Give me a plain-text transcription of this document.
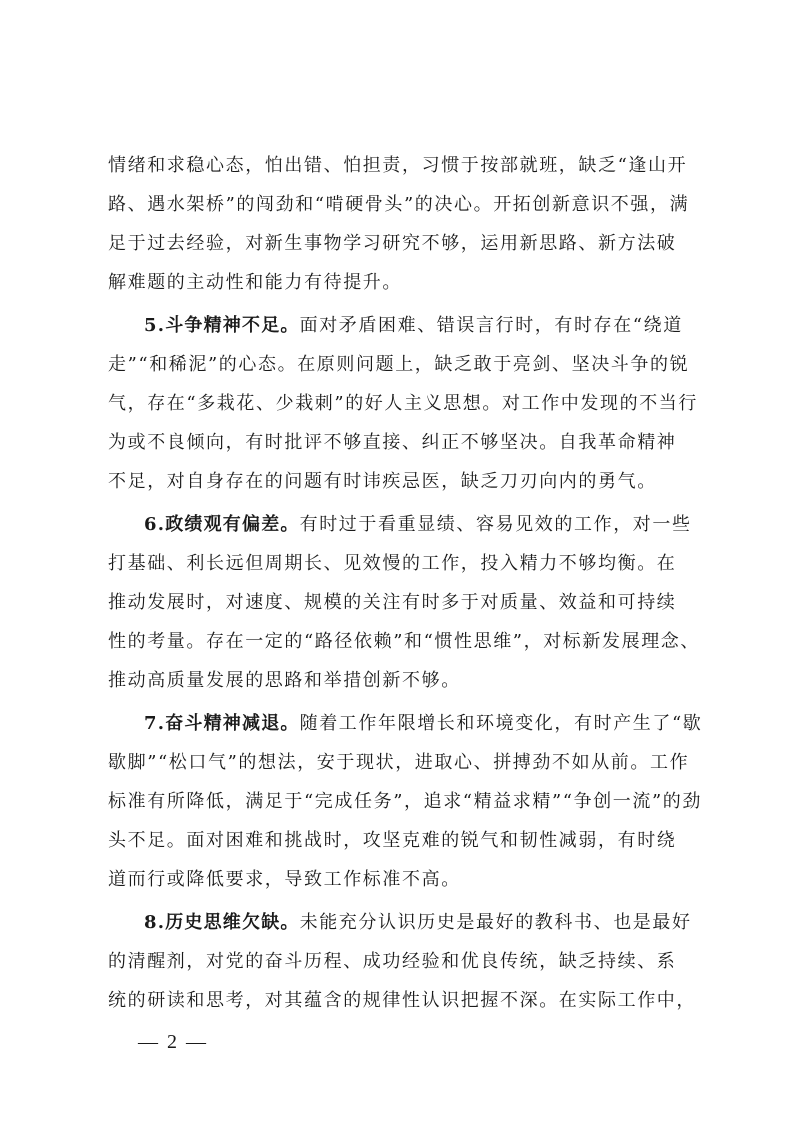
情绪和求稳心态，怕出错、怕担责，习惯于按部就班，缺乏“逢山开
路、遇水架桥”的闯劲和“啃硬骨头”的决心。开拓创新意识不强，满
足于过去经验，对新生事物学习研究不够，运用新思路、新方法破
解难题的主动性和能力有待提升。
5.斗争精神不足。面对矛盾困难、错误言行时，有时存在“绕道
走”“和稀泥”的心态。在原则问题上，缺乏敢于亮剑、坚决斗争的锐
气，存在“多栽花、少栽刺”的好人主义思想。对工作中发现的不当行
为或不良倾向，有时批评不够直接、纠正不够坚决。自我革命精神
不足，对自身存在的问题有时讳疾忌医，缺乏刀刃向内的勇气。
6.政绩观有偏差。有时过于看重显绩、容易见效的工作，对一些
打基础、利长远但周期长、见效慢的工作，投入精力不够均衡。在
推动发展时，对速度、规模的关注有时多于对质量、效益和可持续
性的考量。存在一定的“路径依赖”和“惯性思维”，对标新发展理念、
推动高质量发展的思路和举措创新不够。
7.奋斗精神减退。随着工作年限增长和环境变化，有时产生了“歇
歇脚”“松口气”的想法，安于现状，进取心、拼搏劲不如从前。工作
标准有所降低，满足于“完成任务”，追求“精益求精”“争创一流”的劲
头不足。面对困难和挑战时，攻坚克难的锐气和韧性减弱，有时绕
道而行或降低要求，导致工作标准不高。
8.历史思维欠缺。未能充分认识历史是最好的教科书、也是最好
的清醒剂，对党的奋斗历程、成功经验和优良传统，缺乏持续、系
统的研读和思考，对其蕴含的规律性认识把握不深。在实际工作中，
— 2 —
